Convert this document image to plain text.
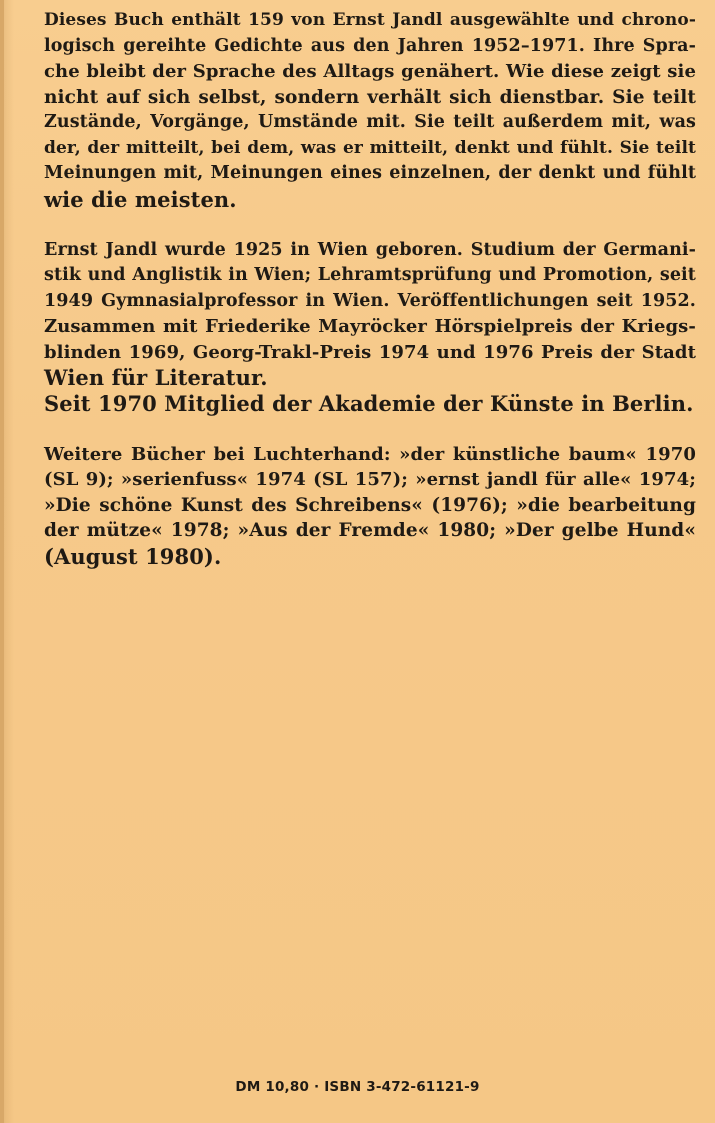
Dieses Buch enthält 159 von Ernst Jandl ausgewählte und chrono-
logisch gereihte Gedichte aus den Jahren 1952–1971. Ihre Spra-
che bleibt der Sprache des Alltags genähert. Wie diese zeigt sie
nicht auf sich selbst, sondern verhält sich dienstbar. Sie teilt
Zustände, Vorgänge, Umstände mit. Sie teilt außerdem mit, was
der, der mitteilt, bei dem, was er mitteilt, denkt und fühlt. Sie teilt
Meinungen mit, Meinungen eines einzelnen, der denkt und fühlt
wie die meisten.
Ernst Jandl wurde 1925 in Wien geboren. Studium der Germani-
stik und Anglistik in Wien; Lehramtsprüfung und Promotion, seit
1949 Gymnasialprofessor in Wien. Veröffentlichungen seit 1952.
Zusammen mit Friederike Mayröcker Hörspielpreis der Kriegs-
blinden 1969, Georg-Trakl-Preis 1974 und 1976 Preis der Stadt
Wien für Literatur.
Seit 1970 Mitglied der Akademie der Künste in Berlin.
Weitere Bücher bei Luchterhand: »der künstliche baum« 1970
(SL 9); »serienfuss« 1974 (SL 157); »ernst jandl für alle« 1974;
»Die schöne Kunst des Schreibens« (1976); »die bearbeitung
der mütze« 1978; »Aus der Fremde« 1980; »Der gelbe Hund«
(August 1980).
DM 10,80 · ISBN 3-472-61121-9
